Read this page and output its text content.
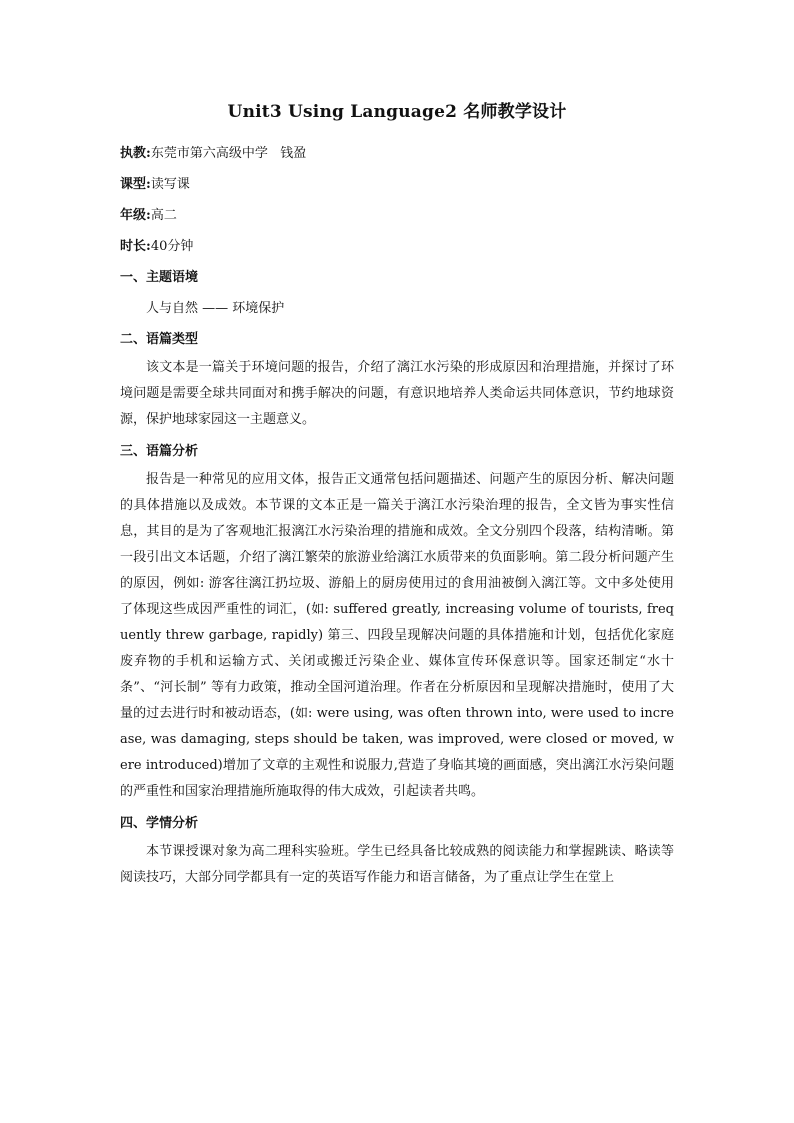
Unit3 Using Language2 名师教学设计

执教:东莞市第六高级中学   钱盈

课型:读写课

年级:高二

时长:40分钟

一、主题语境

人与自然 —— 环境保护

二、语篇类型

该文本是一篇关于环境问题的报告，介绍了漓江水污染的形成原因和治理措施，并探讨了环境问题是需要全球共同面对和携手解决的问题，有意识地培养人类命运共同体意识，节约地球资源，保护地球家园这一主题意义。

三、语篇分析

报告是一种常见的应用文体，报告正文通常包括问题描述、问题产生的原因分析、解决问题的具体措施以及成效。本节课的文本正是一篇关于漓江水污染治理的报告，全文皆为事实性信息，其目的是为了客观地汇报漓江水污染治理的措施和成效。全文分别四个段落，结构清晰。第一段引出文本话题，介绍了漓江繁荣的旅游业给漓江水质带来的负面影响。第二段分析问题产生的原因，例如: 游客往漓江扔垃圾、游船上的厨房使用过的食用油被倒入漓江等。文中多处使用了体现这些成因严重性的词汇，(如: suffered greatly, increasing volume of tourists, frequently threw garbage, rapidly) 第三、四段呈现解决问题的具体措施和计划，包括优化家庭废弃物的手机和运输方式、关闭或搬迁污染企业、媒体宣传环保意识等。国家还制定“水十条”、“河长制” 等有力政策，推动全国河道治理。作者在分析原因和呈现解决措施时，使用了大量的过去进行时和被动语态，(如: were using, was often thrown into, were used to increase, was damaging, steps should be taken, was improved, were closed or moved, were introduced)增加了文章的主观性和说服力,营造了身临其境的画面感，突出漓江水污染问题的严重性和国家治理措施所施取得的伟大成效，引起读者共鸣。

四、学情分析

本节课授课对象为高二理科实验班。学生已经具备比较成熟的阅读能力和掌握跳读、略读等阅读技巧，大部分同学都具有一定的英语写作能力和语言储备，为了重点让学生在堂上
